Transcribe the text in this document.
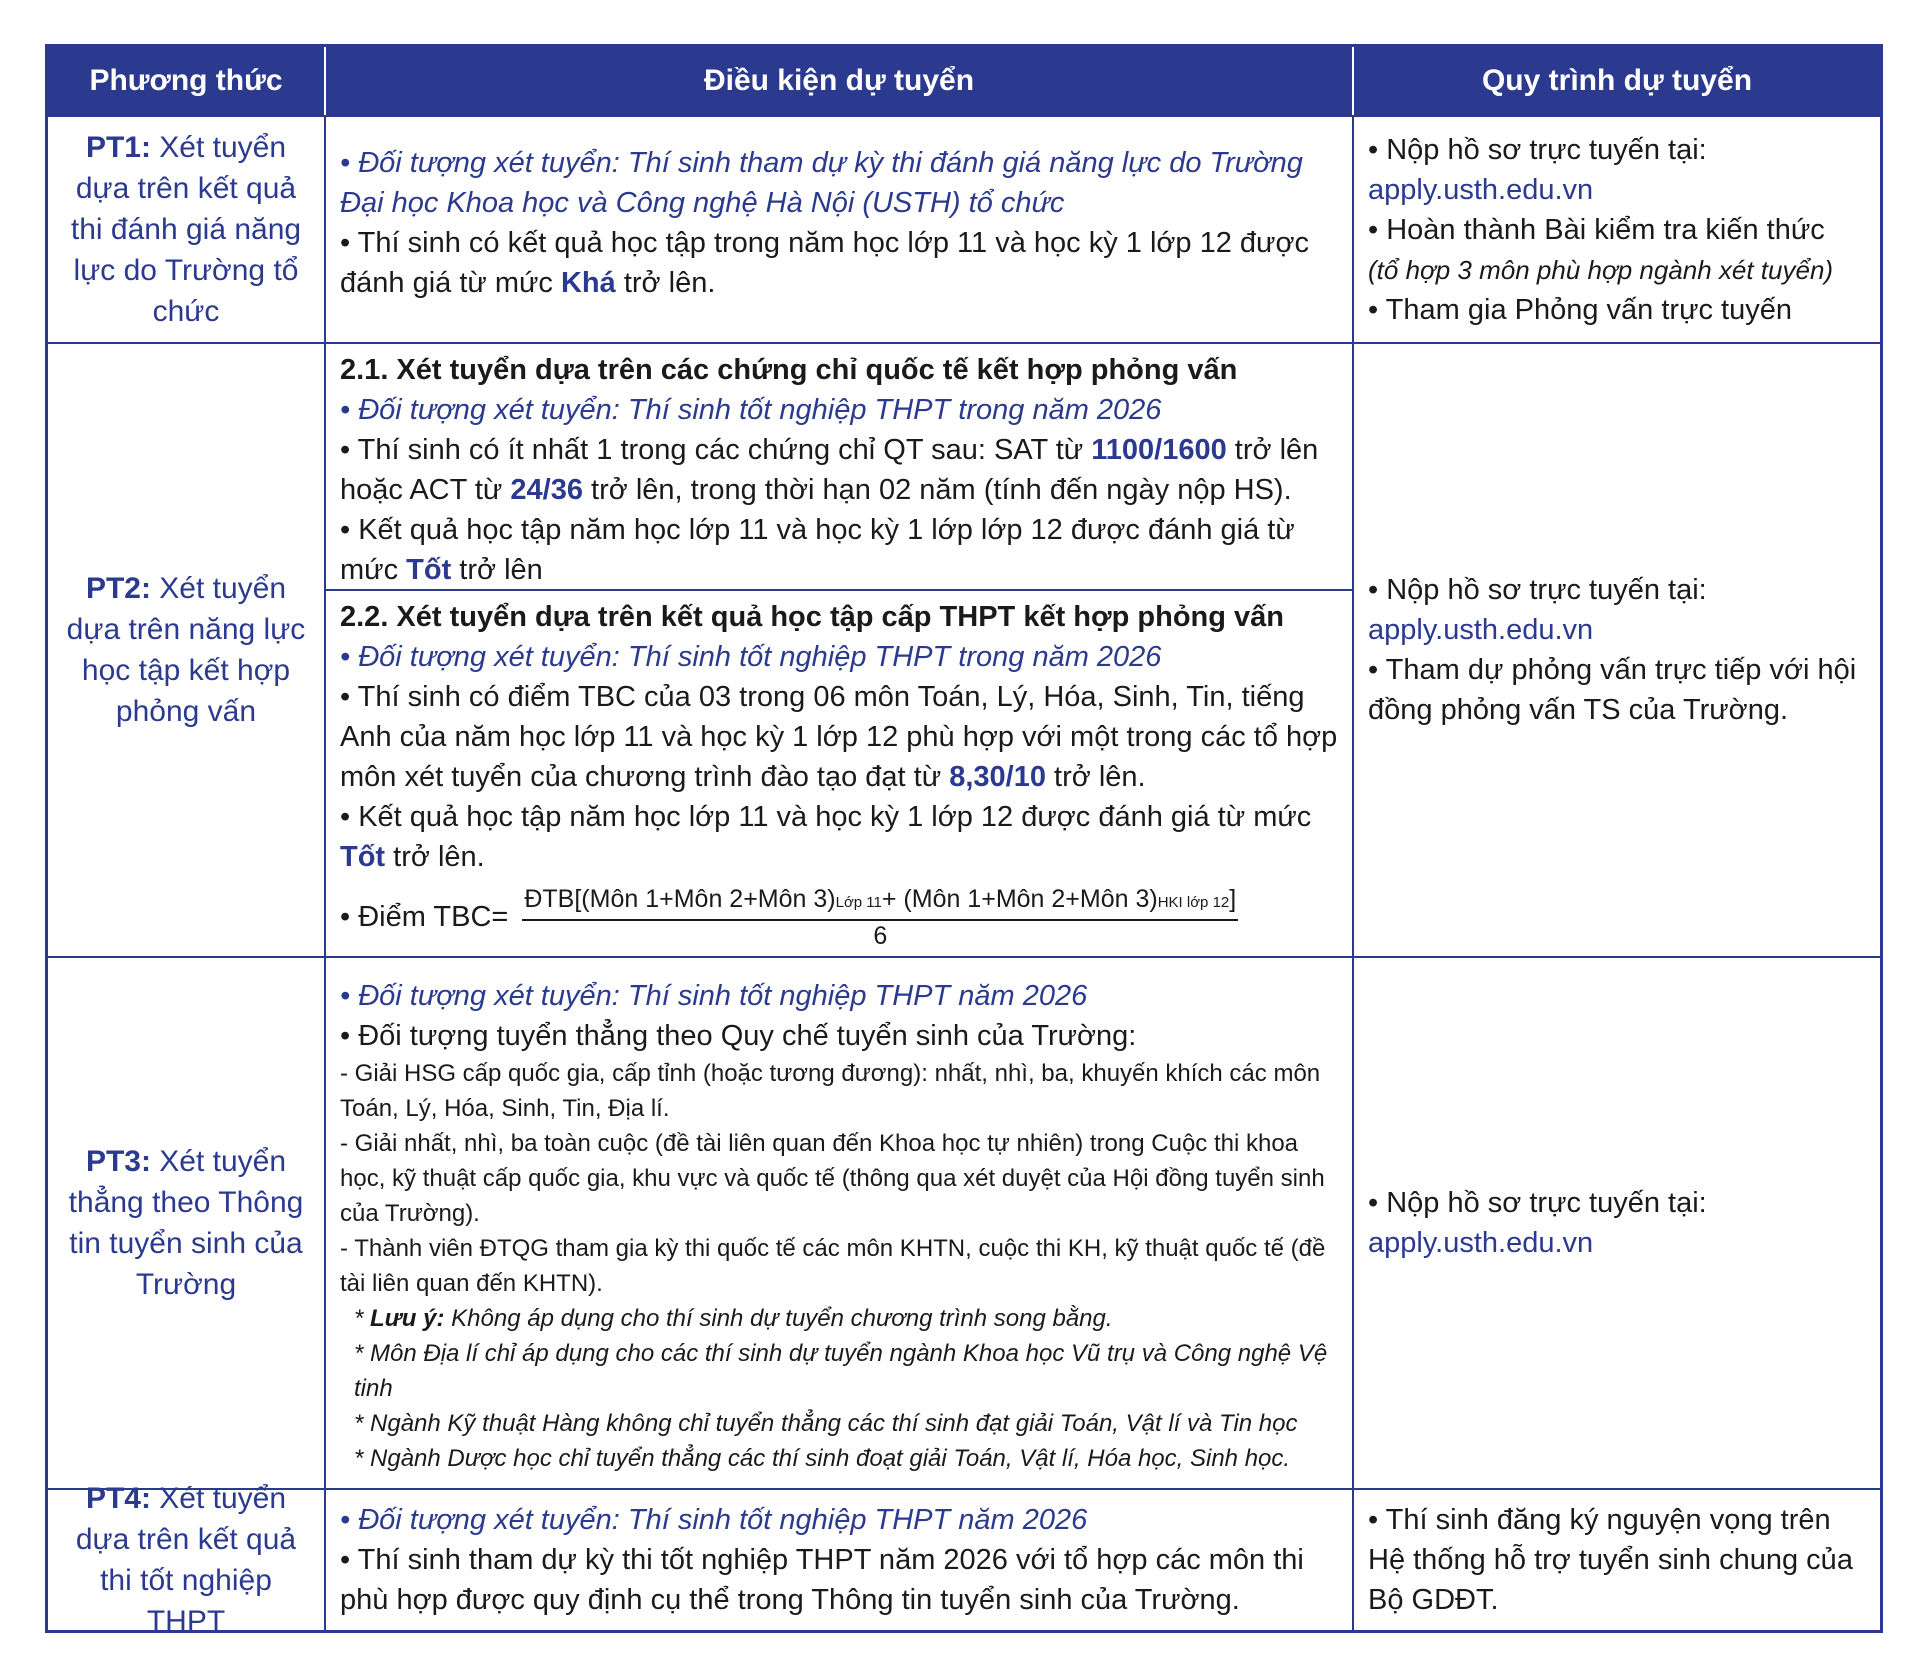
Phương thức	Điều kiện dự tuyển	Quy trình dự tuyển
PT1: Xét tuyển dựa trên kết quả thi đánh giá năng lực do Trường tổ chức
• Đối tượng xét tuyển: Thí sinh tham dự kỳ thi đánh giá năng lực do Trường Đại học Khoa học và Công nghệ Hà Nội (USTH) tổ chức
• Thí sinh có kết quả học tập trong năm học lớp 11 và học kỳ 1 lớp 12 được đánh giá từ mức Khá trở lên.
• Nộp hồ sơ trực tuyến tại:
apply.usth.edu.vn
• Hoàn thành Bài kiểm tra kiến thức
(tổ hợp 3 môn phù hợp ngành xét tuyển)
• Tham gia Phỏng vấn trực tuyến
PT2: Xét tuyển dựa trên năng lực học tập kết hợp phỏng vấn
2.1. Xét tuyển dựa trên các chứng chỉ quốc tế kết hợp phỏng vấn
• Đối tượng xét tuyển: Thí sinh tốt nghiệp THPT trong năm 2026
• Thí sinh có ít nhất 1 trong các chứng chỉ QT sau: SAT từ 1100/1600 trở lên hoặc ACT từ 24/36 trở lên, trong thời hạn 02 năm (tính đến ngày nộp HS).
• Kết quả học tập năm học lớp 11 và học kỳ 1 lớp lớp 12 được đánh giá từ mức Tốt trở lên
2.2. Xét tuyển dựa trên kết quả học tập cấp THPT kết hợp phỏng vấn
• Đối tượng xét tuyển: Thí sinh tốt nghiệp THPT trong năm 2026
• Thí sinh có điểm TBC của 03 trong 06 môn Toán, Lý, Hóa, Sinh, Tin, tiếng Anh của năm học lớp 11 và học kỳ 1 lớp 12 phù hợp với một trong các tổ hợp môn xét tuyển của chương trình đào tạo đạt từ 8,30/10 trở lên.
• Kết quả học tập năm học lớp 11 và học kỳ 1 lớp 12 được đánh giá từ mức Tốt trở lên.
• Điểm TBC=
ĐTB[(Môn 1+Môn 2+Môn 3)Lớp 11+ (Môn 1+Môn 2+Môn 3)HKI lớp 12]
6
• Nộp hồ sơ trực tuyến tại:
apply.usth.edu.vn
• Tham dự phỏng vấn trực tiếp với hội đồng phỏng vấn TS của Trường.
PT3: Xét tuyển thẳng theo Thông tin tuyển sinh của Trường
• Đối tượng xét tuyển: Thí sinh tốt nghiệp THPT năm 2026
• Đối tượng tuyển thẳng theo Quy chế tuyển sinh của Trường:
- Giải HSG cấp quốc gia, cấp tỉnh (hoặc tương đương): nhất, nhì, ba, khuyến khích các môn Toán, Lý, Hóa, Sinh, Tin, Địa lí.
- Giải nhất, nhì, ba toàn cuộc (đề tài liên quan đến Khoa học tự nhiên) trong Cuộc thi khoa học, kỹ thuật cấp quốc gia, khu vực và quốc tế (thông qua xét duyệt của Hội đồng tuyển sinh của Trường).
- Thành viên ĐTQG tham gia kỳ thi quốc tế các môn KHTN, cuộc thi KH, kỹ thuật quốc tế (đề tài liên quan đến KHTN).
* Lưu ý: Không áp dụng cho thí sinh dự tuyển chương trình song bằng.
* Môn Địa lí chỉ áp dụng cho các thí sinh dự tuyển ngành Khoa học Vũ trụ và Công nghệ Vệ tinh
* Ngành Kỹ thuật Hàng không chỉ tuyển thẳng các thí sinh đạt giải Toán, Vật lí và Tin học
* Ngành Dược học chỉ tuyển thẳng các thí sinh đoạt giải Toán, Vật lí, Hóa học, Sinh học.
• Nộp hồ sơ trực tuyến tại:
apply.usth.edu.vn
PT4: Xét tuyển dựa trên kết quả thi tốt nghiệp THPT
• Đối tượng xét tuyển: Thí sinh tốt nghiệp THPT năm 2026
• Thí sinh tham dự kỳ thi tốt nghiệp THPT năm 2026 với tổ hợp các môn thi phù hợp được quy định cụ thể trong Thông tin tuyển sinh của Trường.
• Thí sinh đăng ký nguyện vọng trên Hệ thống hỗ trợ tuyển sinh chung của Bộ GDĐT.
